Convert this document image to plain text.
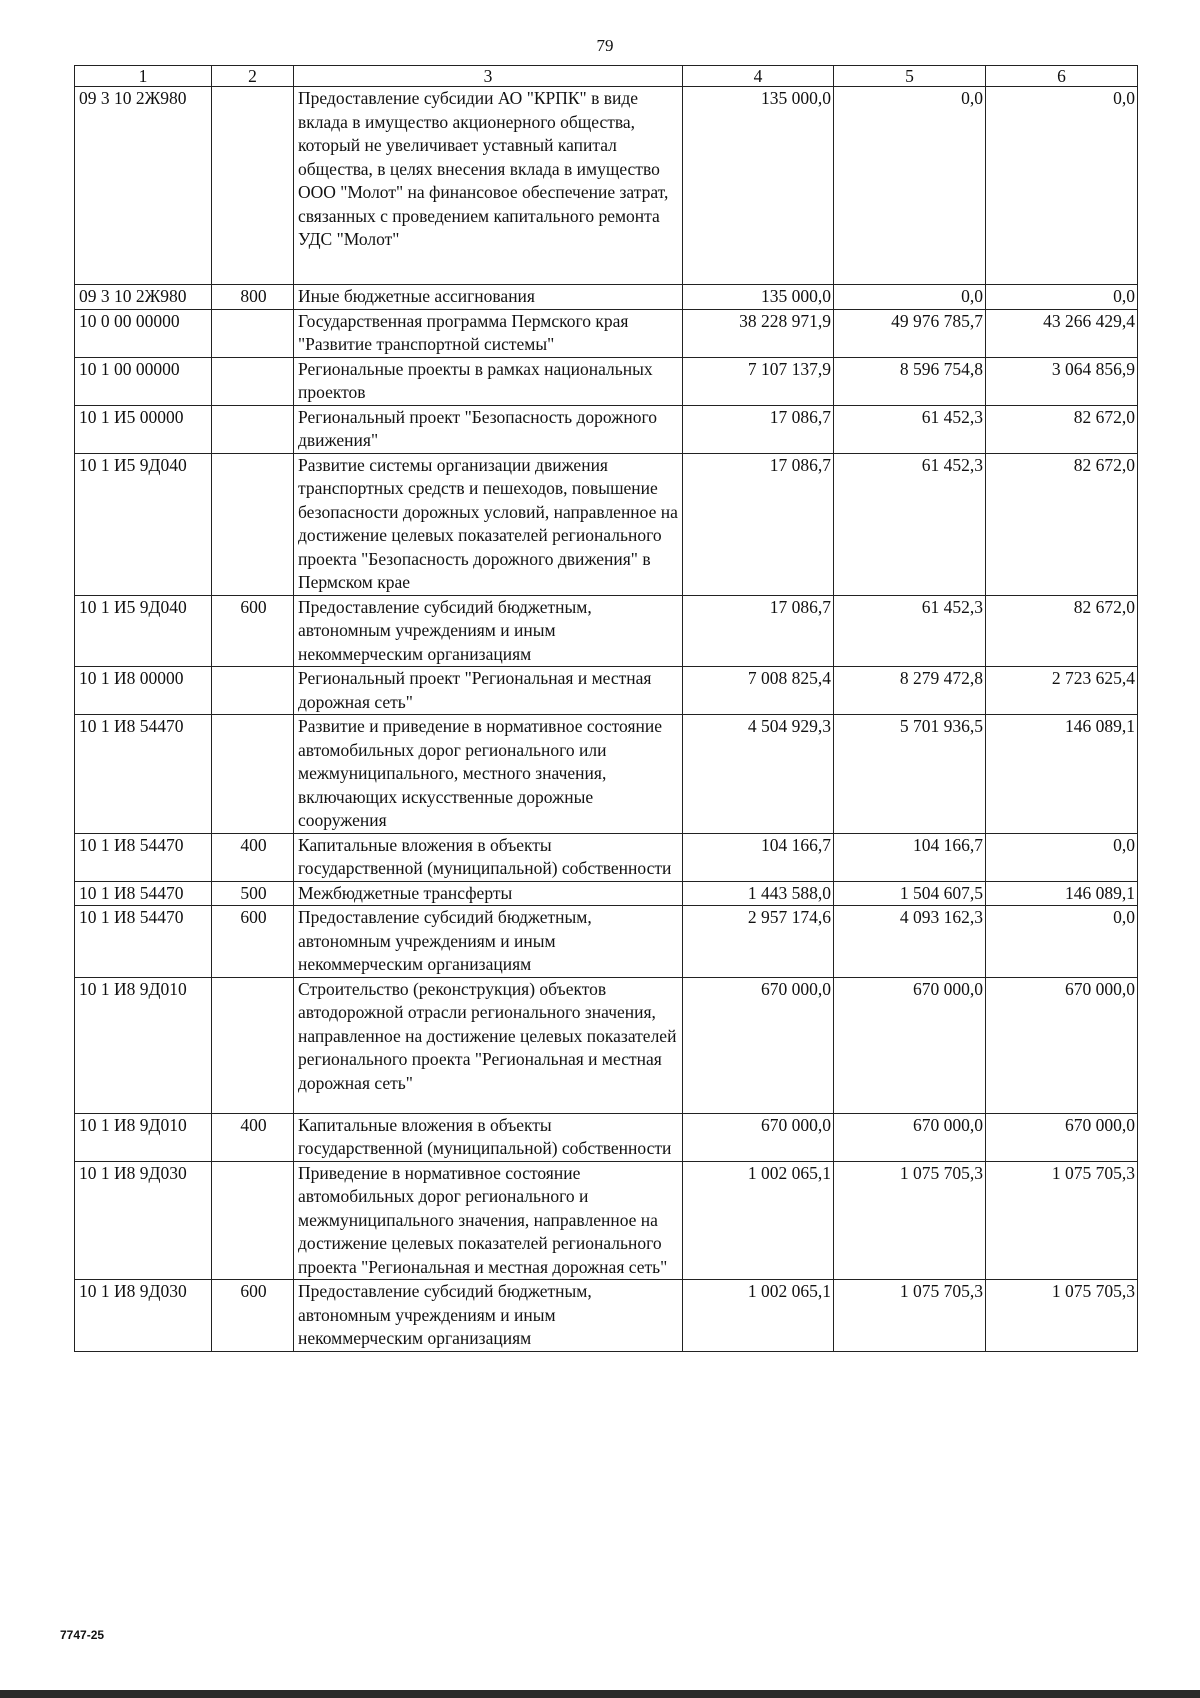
79
1	2	3	4	5	6
09 3 10 2Ж980		Предоставление субсидии АО "КРПК" в виде вклада в имущество акционерного общества, который не увеличивает уставный капитал общества, в целях внесения вклада в имущество ООО "Молот" на финансовое обеспечение затрат, связанных с проведением капитального ремонта УДС "Молот"	135 000,0	0,0	0,0
09 3 10 2Ж980	800	Иные бюджетные ассигнования	135 000,0	0,0	0,0
10 0 00 00000		Государственная программа Пермского края "Развитие транспортной системы"	38 228 971,9	49 976 785,7	43 266 429,4
10 1 00 00000		Региональные проекты в рамках национальных проектов	7 107 137,9	8 596 754,8	3 064 856,9
10 1 И5 00000		Региональный проект "Безопасность дорожного движения"	17 086,7	61 452,3	82 672,0
10 1 И5 9Д040		Развитие системы организации движения транспортных средств и пешеходов, повышение безопасности дорожных условий, направленное на достижение целевых показателей регионального проекта "Безопасность дорожного движения" в Пермском крае	17 086,7	61 452,3	82 672,0
10 1 И5 9Д040	600	Предоставление субсидий бюджетным, автономным учреждениям и иным некоммерческим организациям	17 086,7	61 452,3	82 672,0
10 1 И8 00000		Региональный проект "Региональная и местная дорожная сеть"	7 008 825,4	8 279 472,8	2 723 625,4
10 1 И8 54470		Развитие и приведение в нормативное состояние автомобильных дорог регионального или межмуниципального, местного значения, включающих искусственные дорожные сооружения	4 504 929,3	5 701 936,5	146 089,1
10 1 И8 54470	400	Капитальные вложения в объекты государственной (муниципальной) собственности	104 166,7	104 166,7	0,0
10 1 И8 54470	500	Межбюджетные трансферты	1 443 588,0	1 504 607,5	146 089,1
10 1 И8 54470	600	Предоставление субсидий бюджетным, автономным учреждениям и иным некоммерческим организациям	2 957 174,6	4 093 162,3	0,0
10 1 И8 9Д010		Строительство (реконструкция) объектов автодорожной отрасли регионального значения, направленное на достижение целевых показателей регионального проекта "Региональная и местная дорожная сеть"	670 000,0	670 000,0	670 000,0
10 1 И8 9Д010	400	Капитальные вложения в объекты государственной (муниципальной) собственности	670 000,0	670 000,0	670 000,0
10 1 И8 9Д030		Приведение в нормативное состояние автомобильных дорог регионального и межмуниципального значения, направленное на достижение целевых показателей регионального проекта "Региональная и местная дорожная сеть"	1 002 065,1	1 075 705,3	1 075 705,3
10 1 И8 9Д030	600	Предоставление субсидий бюджетным, автономным учреждениям и иным некоммерческим организациям	1 002 065,1	1 075 705,3	1 075 705,3
7747-25
